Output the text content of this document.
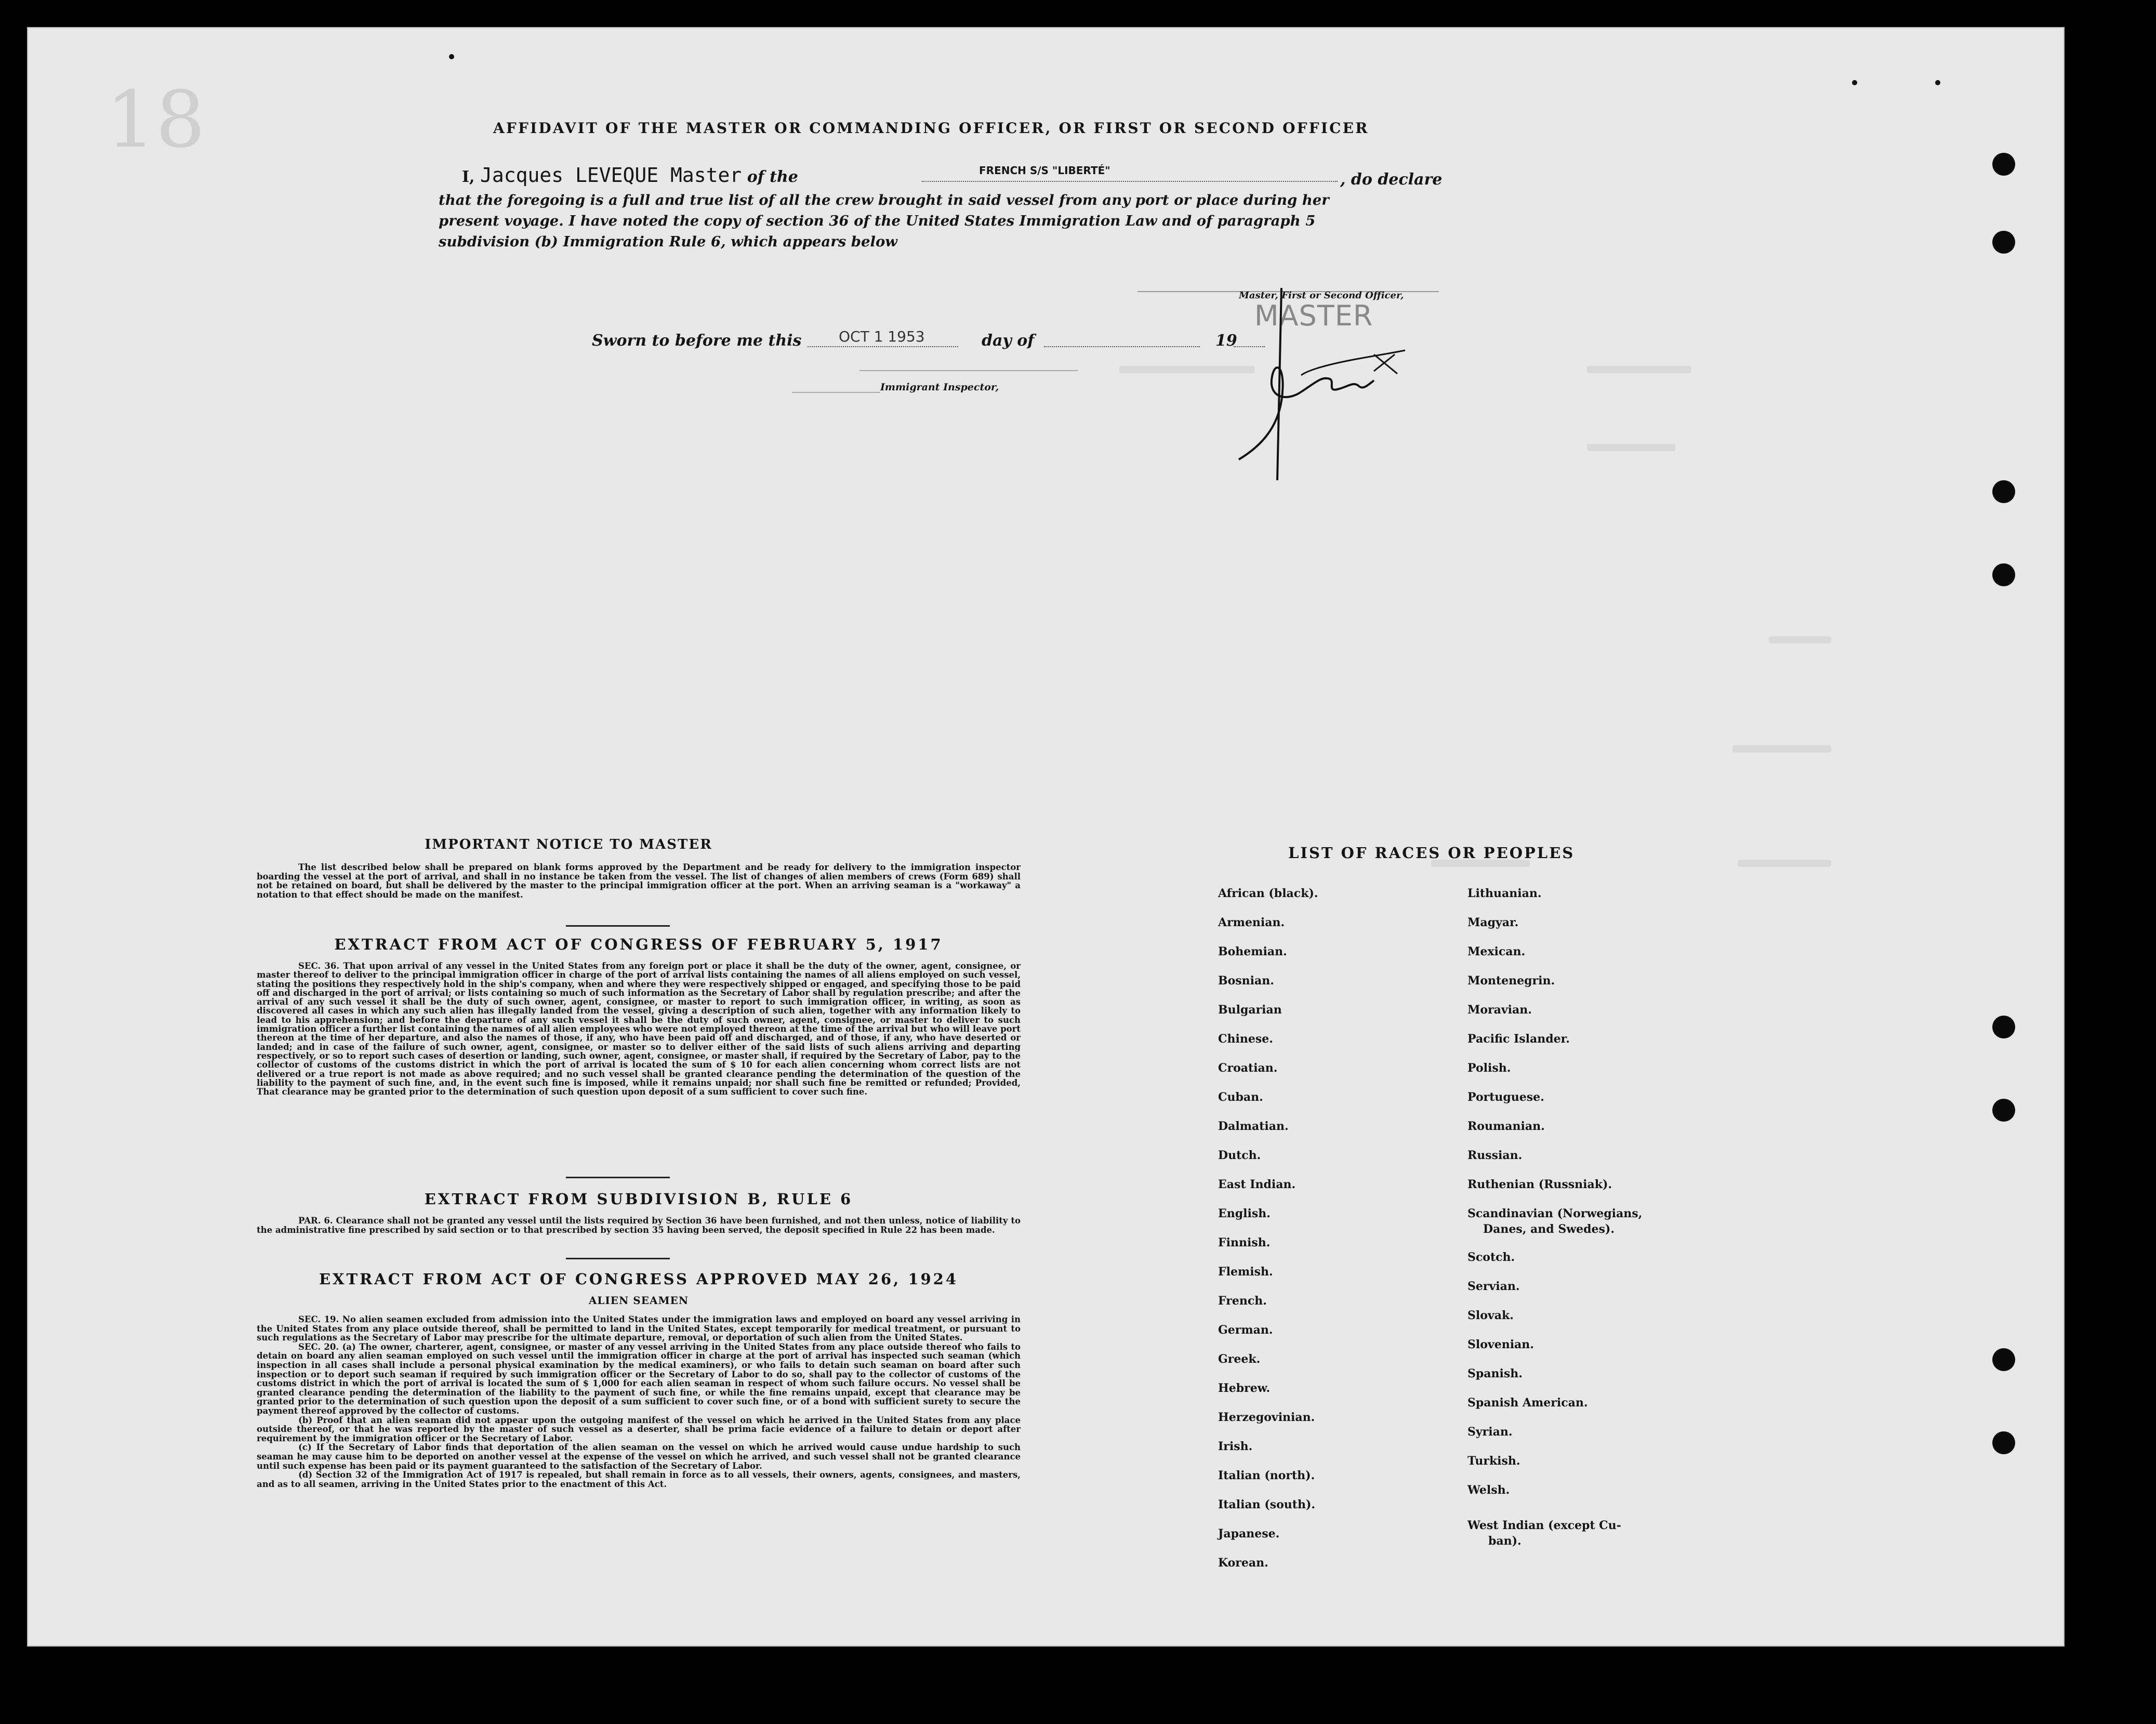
18	AFFIDAVIT OF THE MASTER OR COMMANDING OFFICER, OR FIRST OR SECOND OFFICER
I, Jacques LEVEQUE Master of the	FRENCH S/S "LIBERTÉ"	, do declare
that the foregoing is a full and true list of all the crew brought in said vessel from any port or place during her
present voyage. I have noted the copy of section 36 of the United States Immigration Law and of paragraph 5
subdivision (b) Immigration Rule 6, which appears below
Master, First or Second Officer,
MASTER
Sworn to before me this	OCT 1 1953	day of	19
Immigrant Inspector,
IMPORTANT NOTICE TO MASTER
The list described below shall be prepared on blank forms approved by the Department and be ready for delivery to the immigration inspector boarding the vessel at the port of arrival, and shall in no instance be taken from the vessel. The list of changes of alien members of crews (Form 689) shall not be retained on board, but shall be delivered by the master to the principal immigration officer at the port. When an arriving seaman is a "workaway" a notation to that effect should be made on the manifest.
EXTRACT FROM ACT OF CONGRESS OF FEBRUARY 5, 1917
SEC. 36. That upon arrival of any vessel in the United States from any foreign port or place it shall be the duty of the owner, agent, consignee, or master thereof to deliver to the principal immigration officer in charge of the port of arrival lists containing the names of all aliens employed on such vessel, stating the positions they respectively hold in the ship's company, when and where they were respectively shipped or engaged, and specifying those to be paid off and discharged in the port of arrival; or lists containing so much of such information as the Secretary of Labor shall by regulation prescribe; and after the arrival of any such vessel it shall be the duty of such owner, agent, consignee, or master to report to such immigration officer, in writing, as soon as discovered all cases in which any such alien has illegally landed from the vessel, giving a description of such alien, together with any information likely to lead to his apprehension; and before the departure of any such vessel it shall be the duty of such owner, agent, consignee, or master to deliver to such immigration officer a further list containing the names of all alien employees who were not employed thereon at the time of the arrival but who will leave port thereon at the time of her departure, and also the names of those, if any, who have been paid off and discharged, and of those, if any, who have deserted or landed; and in case of the failure of such owner, agent, consignee, or master so to deliver either of the said lists of such aliens arriving and departing respectively, or so to report such cases of desertion or landing, such owner, agent, consignee, or master shall, if required by the Secretary of Labor, pay to the collector of customs of the customs district in which the port of arrival is located the sum of $ 10 for each alien concerning whom correct lists are not delivered or a true report is not made as above required; and no such vessel shall be granted clearance pending the determination of the question of the liability to the payment of such fine, and, in the event such fine is imposed, while it remains unpaid; nor shall such fine be remitted or refunded; Provided, That clearance may be granted prior to the determination of such question upon deposit of a sum sufficient to cover such fine.
EXTRACT FROM SUBDIVISION B, RULE 6
PAR. 6. Clearance shall not be granted any vessel until the lists required by Section 36 have been furnished, and not then unless, notice of liability to the administrative fine prescribed by said section or to that prescribed by section 35 having been served, the deposit specified in Rule 22 has been made.
EXTRACT FROM ACT OF CONGRESS APPROVED MAY 26, 1924
ALIEN SEAMEN
SEC. 19. No alien seamen excluded from admission into the United States under the immigration laws and employed on board any vessel arriving in the United States from any place outside thereof, shall be permitted to land in the United States, except temporarily for medical treatment, or pursuant to such regulations as the Secretary of Labor may prescribe for the ultimate departure, removal, or deportation of such alien from the United States.
SEC. 20. (a) The owner, charterer, agent, consignee, or master of any vessel arriving in the United States from any place outside thereof who fails to detain on board any alien seaman employed on such vessel until the immigration officer in charge at the port of arrival has inspected such seaman (which inspection in all cases shall include a personal physical examination by the medical examiners), or who fails to detain such seaman on board after such inspection or to deport such seaman if required by such immigration officer or the Secretary of Labor to do so, shall pay to the collector of customs of the customs district in which the port of arrival is located the sum of $ 1,000 for each alien seaman in respect of whom such failure occurs. No vessel shall be granted clearance pending the determination of the liability to the payment of such fine, or while the fine remains unpaid, except that clearance may be granted prior to the determination of such question upon the deposit of a sum sufficient to cover such fine, or of a bond with sufficient surety to secure the payment thereof approved by the collector of customs.
(b) Proof that an alien seaman did not appear upon the outgoing manifest of the vessel on which he arrived in the United States from any place outside thereof, or that he was reported by the master of such vessel as a deserter, shall be prima facie evidence of a failure to detain or deport after requirement by the immigration officer or the Secretary of Labor.
(c) If the Secretary of Labor finds that deportation of the alien seaman on the vessel on which he arrived would cause undue hardship to such seaman he may cause him to be deported on another vessel at the expense of the vessel on which he arrived, and such vessel shall not be granted clearance until such expense has been paid or its payment guaranteed to the satisfaction of the Secretary of Labor.
(d) Section 32 of the Immigration Act of 1917 is repealed, but shall remain in force as to all vessels, their owners, agents, consignees, and masters, and as to all seamen, arriving in the United States prior to the enactment of this Act.
LIST OF RACES OR PEOPLES
African (black).
Armenian.
Bohemian.
Bosnian.
Bulgarian
Chinese.
Croatian.
Cuban.
Dalmatian.
Dutch.
East Indian.
English.
Finnish.
Flemish.
French.
German.
Greek.
Hebrew.
Herzegovinian.
Irish.
Italian (north).
Italian (south).
Japanese.
Korean.
Lithuanian.
Magyar.
Mexican.
Montenegrin.
Moravian.
Pacific Islander.
Polish.
Portuguese.
Roumanian.
Russian.
Ruthenian (Russniak).
Scandinavian (Norwegians,
Danes, and Swedes).
Scotch.
Servian.
Slovak.
Slovenian.
Spanish.
Spanish American.
Syrian.
Turkish.
Welsh.
West Indian (except Cu-
ban).
